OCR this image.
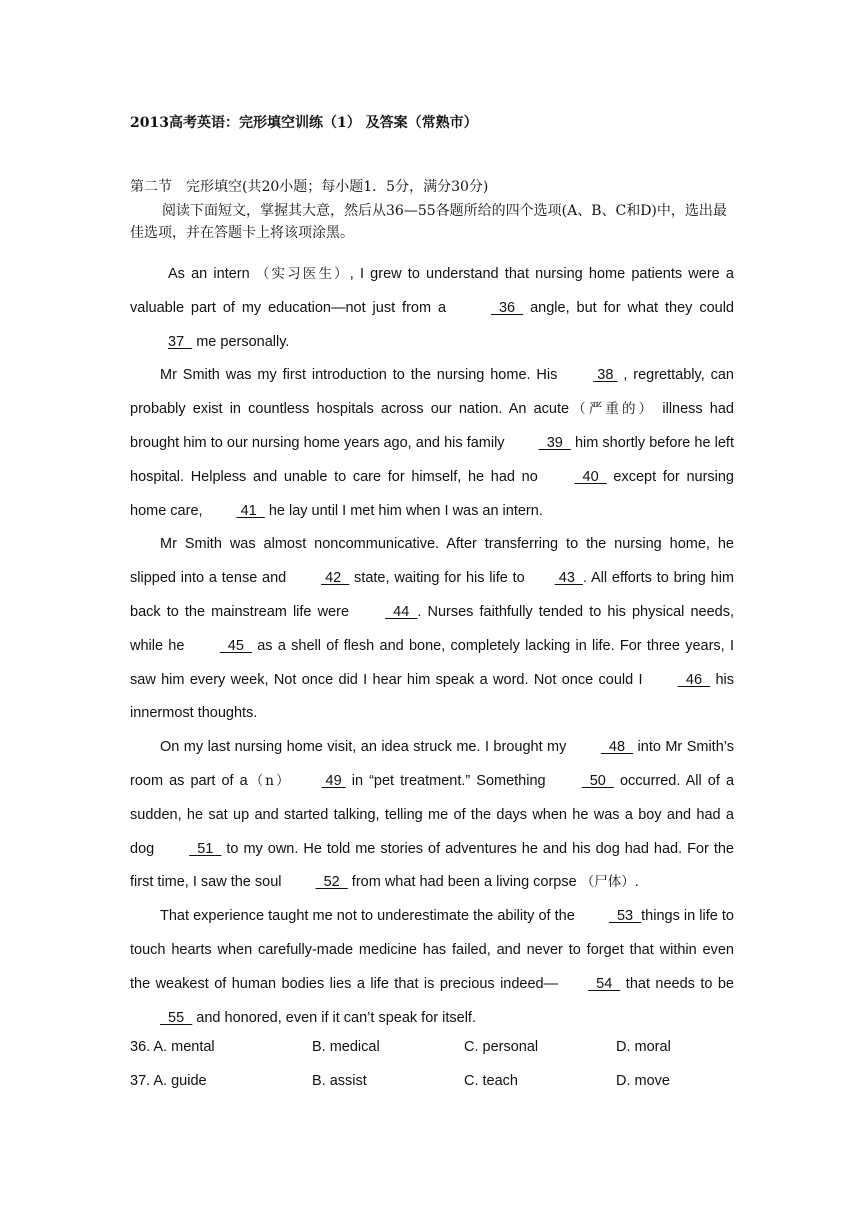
2013高考英语：完形填空训练（1） 及答案（常熟市）
第二节　完形填空(共20小题；每小题1．5分，满分30分)
阅读下面短文，掌握其大意，然后从36—55各题所给的四个选项(A、B、C和D)中，选出最佳选项，并在答题卡上将该项涂黑。

As an intern （实习医生）, I grew to understand that nursing home patients were a valuable part of my education—not just from a	36   angle, but for what they could 37   me personally.

Mr Smith was my first introduction to the nursing home. His  38  , regrettably, can probably exist in countless hospitals across our nation. An acute（严重的） illness had brought him to our nursing home years ago, and his family   39   him shortly before he left hospital. Helpless and unable to care for himself, he had no   40   except for nursing home care,  41   he lay until I met him when I was an intern.

Mr Smith was almost noncommunicative. After transferring to the nursing home, he slipped into a tense and  42   state, waiting for his life to 43  . All efforts to bring him back to the mainstream life were   44  . Nurses faithfully tended to his physical needs, while he   45   as a shell of flesh and bone, completely lacking in life. For three years, I saw him every week, Not once did I hear him speak a word. Not once could I   46   his innermost thoughts.

On my last nursing home visit, an idea struck me. I brought my   48   into Mr Smith’s room as part of a（n） 49  in “pet treatment.” Something   50   occurred. All of a sudden, he sat up and started talking, telling me of the days when he was a boy and had a dog   51   to my own. He told me stories of adventures he and his dog had had. For the first time, I saw the soul   52   from what had been a living corpse （尸体）.

That experience taught me not to underestimate the ability of the   53  things in life to touch hearts when carefully-made medicine has failed, and never to forget that within even the weakest of human bodies lies a life that is precious indeed—  54   that needs to be   55   and honored, even if it can’t speak for itself.

36. A. mental	B. medical	C. personal	D. moral
37. A. guide	B. assist	C. teach	D. move
